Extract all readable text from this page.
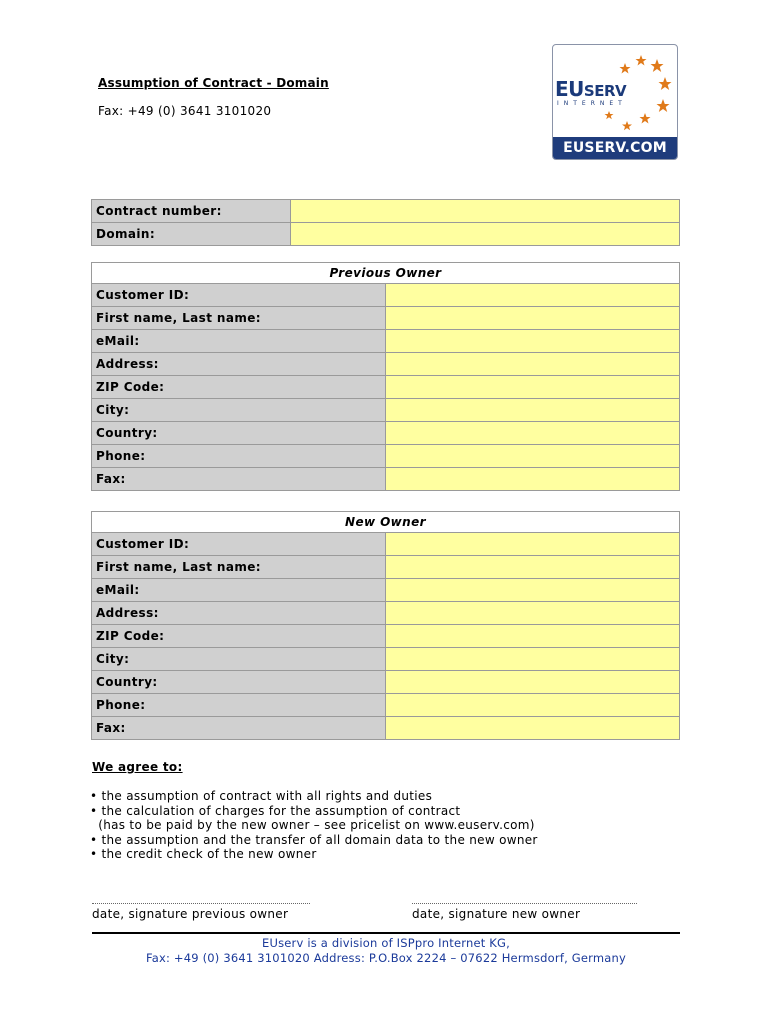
Assumption of Contract - Domain
Fax: +49 (0) 3641 3101020
EUSERV
INTERNET
EUSERV.COM
Contract number:	
Domain:	
Previous Owner	
Customer ID:	
First name, Last name:	
eMail:	
Address:	
ZIP Code:	
City:	
Country:	
Phone:	
Fax:	
New Owner	
Customer ID:	
First name, Last name:	
eMail:	
Address:	
ZIP Code:	
City:	
Country:	
Phone:	
Fax:	
We agree to:
• the assumption of contract with all rights and duties
• the calculation of charges for the assumption of contract
(has to be paid by the new owner – see pricelist on www.euserv.com)
• the assumption and the transfer of all domain data to the new owner
• the credit check of the new owner
date, signature previous owner	date, signature new owner
EUserv is a division of ISPpro Internet KG,
Fax: +49 (0) 3641 3101020 Address: P.O.Box 2224 – 07622 Hermsdorf, Germany
